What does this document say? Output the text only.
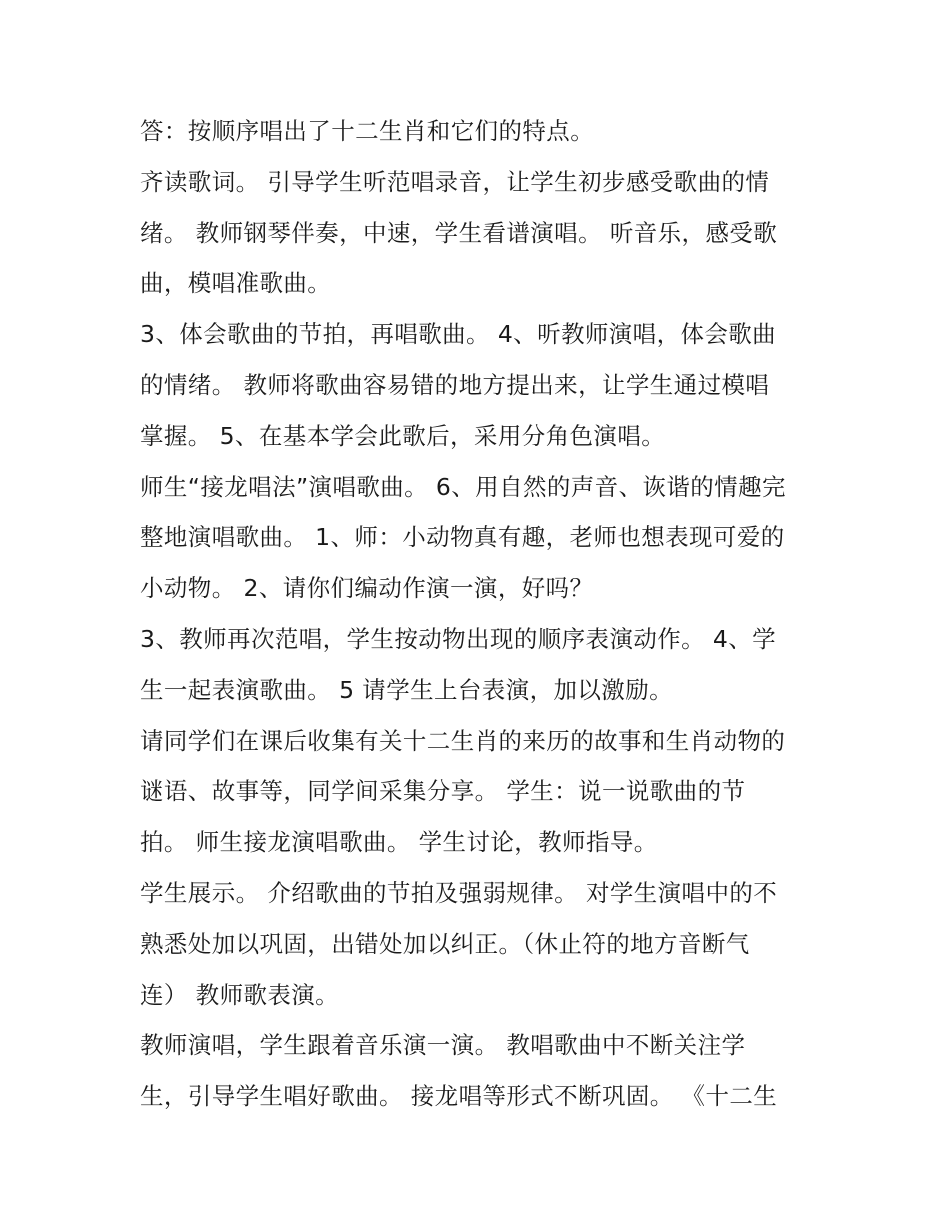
答：按顺序唱出了十二生肖和它们的特点。
齐读歌词。 引导学生听范唱录音，让学生初步感受歌曲的情
绪。 教师钢琴伴奏，中速，学生看谱演唱。 听音乐，感受歌
曲，模唱准歌曲。
3、体会歌曲的节拍，再唱歌曲。 4、听教师演唱，体会歌曲
的情绪。 教师将歌曲容易错的地方提出来，让学生通过模唱
掌握。 5、在基本学会此歌后，采用分角色演唱。
师生“接龙唱法”演唱歌曲。 6、用自然的声音、诙谐的情趣完
整地演唱歌曲。 1、师：小动物真有趣，老师也想表现可爱的
小动物。 2、请你们编动作演一演，好吗？
3、教师再次范唱，学生按动物出现的顺序表演动作。 4、学
生一起表演歌曲。 5 请学生上台表演，加以激励。
请同学们在课后收集有关十二生肖的来历的故事和生肖动物的
谜语、故事等，同学间采集分享。 学生：说一说歌曲的节
拍。 师生接龙演唱歌曲。 学生讨论，教师指导。
学生展示。 介绍歌曲的节拍及强弱规律。 对学生演唱中的不
熟悉处加以巩固，出错处加以纠正。（休止符的地方音断气
连） 教师歌表演。
教师演唱，学生跟着音乐演一演。 教唱歌曲中不断关注学
生，引导学生唱好歌曲。 接龙唱等形式不断巩固。 《十二生
